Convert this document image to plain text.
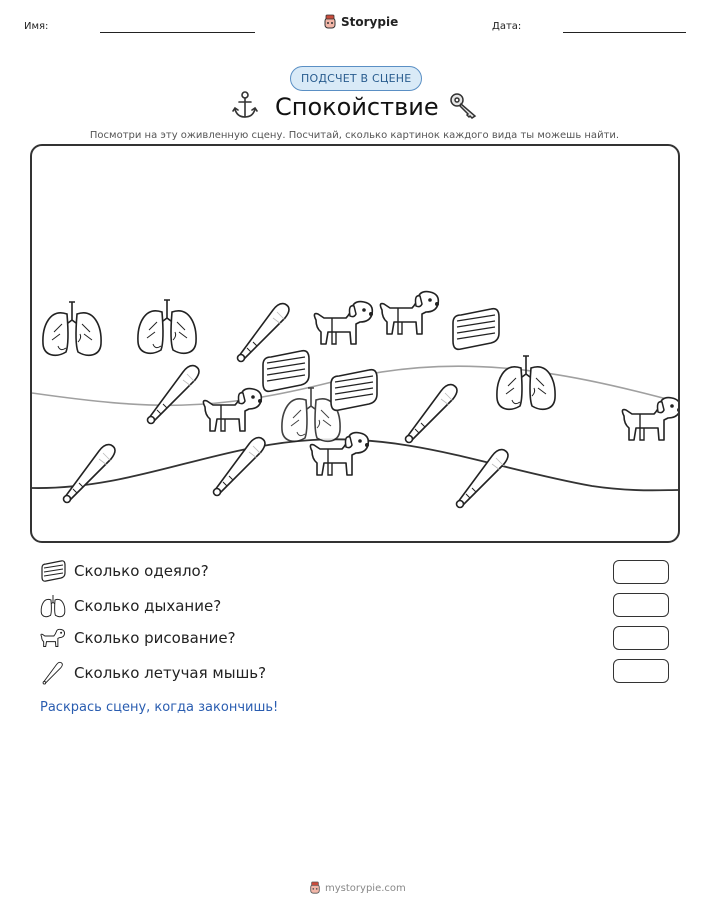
Имя:	Storypie	Дата:
ПОДСЧЕТ В СЦЕНЕ
Спокойствие
Посмотри на эту оживленную сцену. Посчитай, сколько картинок каждого вида ты можешь найти.
Сколько одеяло?
Сколько дыхание?
Сколько рисование?
Сколько летучая мышь?
Раскрась сцену, когда закончишь!
mystorypie.com
